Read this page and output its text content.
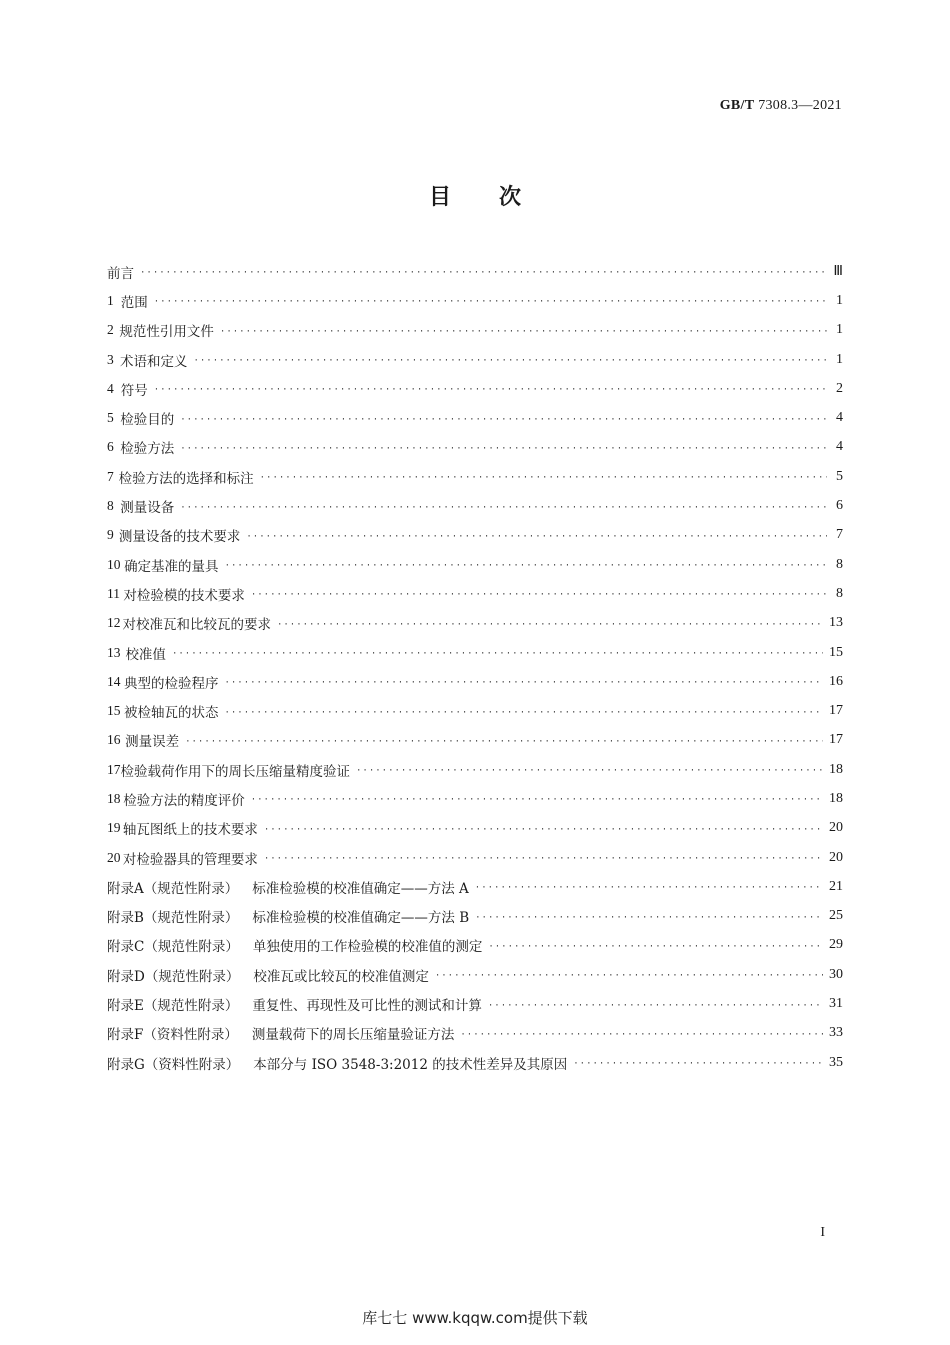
GB/T 7308.3—2021
目次
前言 ·····	Ⅲ
1 范围 ·····	1
2 规范性引用文件 ·····	1
3 术语和定义 ·····	1
4 符号 ·····	2
5 检验目的 ·····	4
6 检验方法 ·····	4
7 检验方法的选择和标注 ·····	5
8 测量设备 ·····	6
9 测量设备的技术要求 ·····	7
10 确定基准的量具 ·····	8
11 对检验模的技术要求 ·····	8
12 对校准瓦和比较瓦的要求 ·····	13
13 校准值 ·····	15
14 典型的检验程序 ·····	16
15 被检轴瓦的状态 ·····	17
16 测量误差 ·····	17
17 检验载荷作用下的周长压缩量精度验证 ·····	18
18 检验方法的精度评价 ·····	18
19 轴瓦图纸上的技术要求 ·····	20
20 对检验器具的管理要求 ·····	20
附录A（规范性附录） 标准检验模的校准值确定——方法 A ·····	21
附录B（规范性附录） 标准检验模的校准值确定——方法 B ·····	25
附录C（规范性附录） 单独使用的工作检验模的校准值的测定 ·····	29
附录D（规范性附录） 校准瓦或比较瓦的校准值测定 ·····	30
附录E（规范性附录） 重复性、再现性及可比性的测试和计算 ·····	31
附录F（资料性附录） 测量载荷下的周长压缩量验证方法 ·····	33
附录G（资料性附录） 本部分与 ISO 3548-3:2012 的技术性差异及其原因 ·····	35
I
库七七 www.kqqw.com提供下载
